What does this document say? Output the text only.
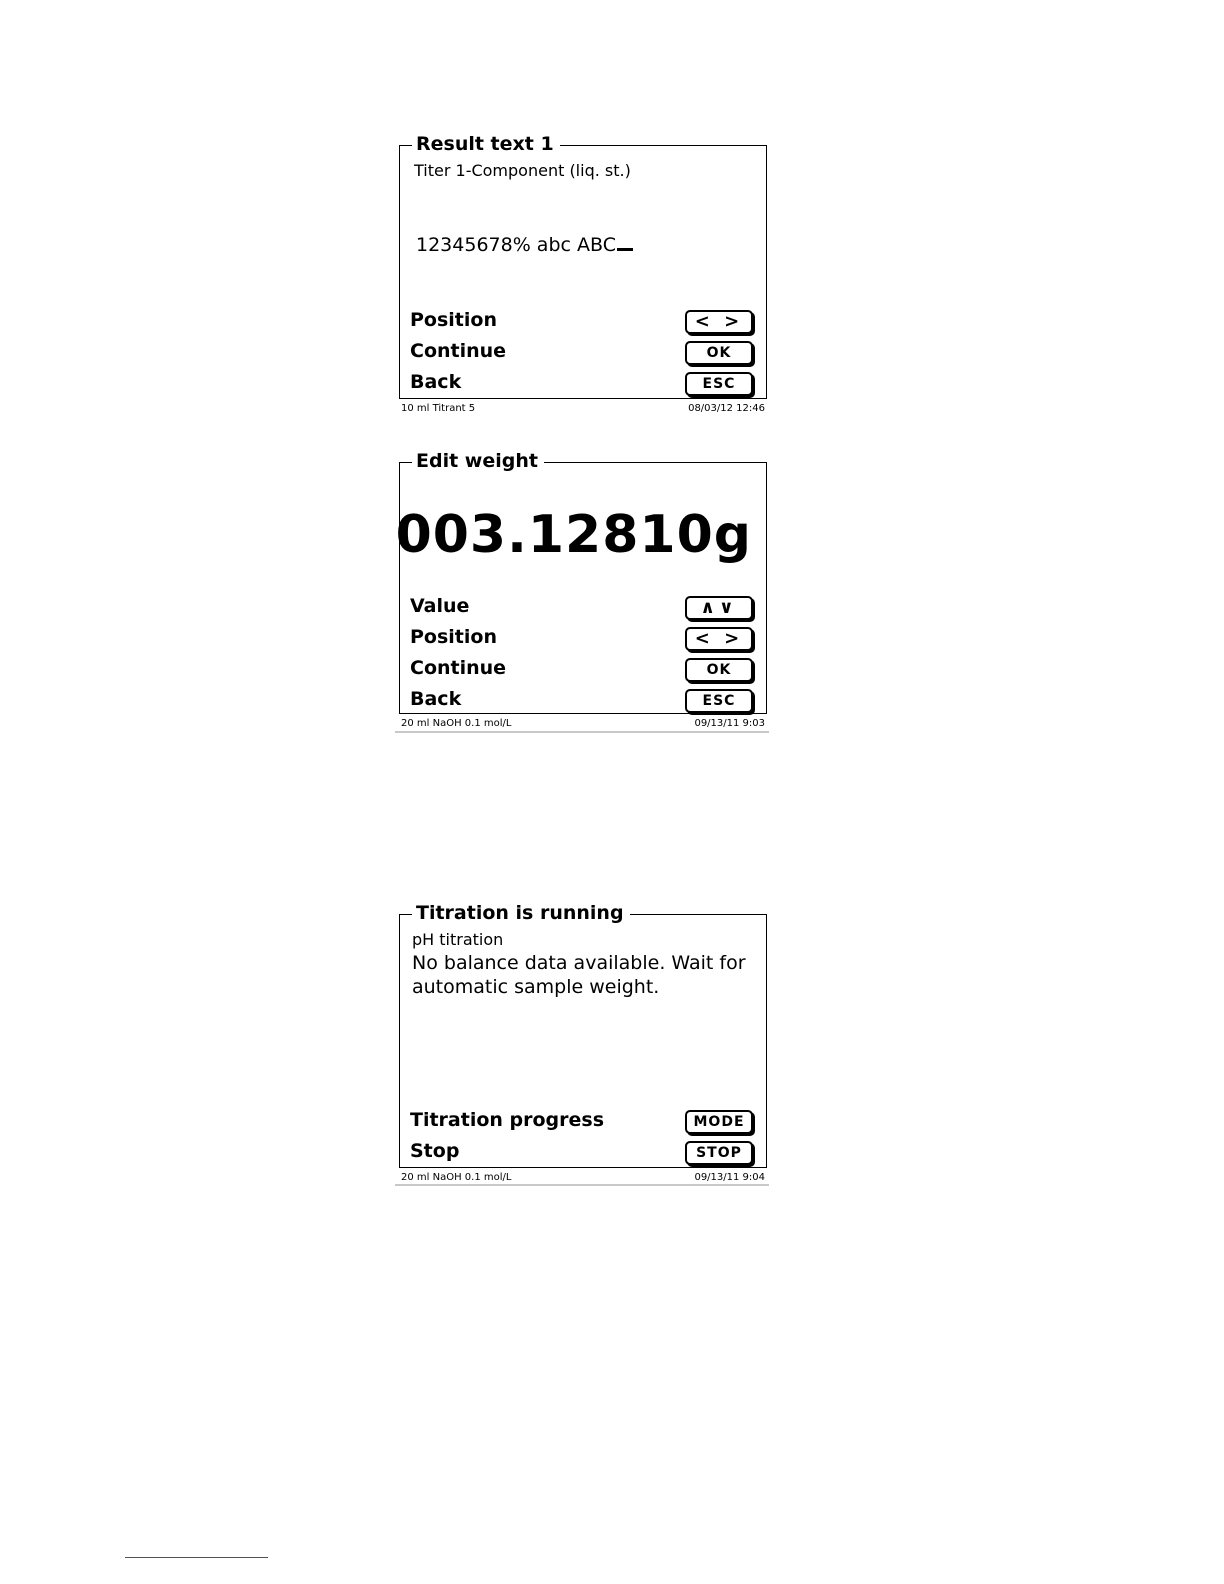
Result text 1
Titer 1-Component (liq. st.)
12345678% abc ABC
Position	< >
Continue	OK
Back	ESC
10 ml Titrant 5	08/03/12 12:46
Edit weight
003.12810g
Value	∧∨
Position	< >
Continue	OK
Back	ESC
20 ml NaOH 0.1 mol/L	09/13/11 9:03
Titration is running
pH titration
No balance data available. Wait for
automatic sample weight.
Titration progress	MODE
Stop	STOP
20 ml NaOH 0.1 mol/L	09/13/11 9:04
